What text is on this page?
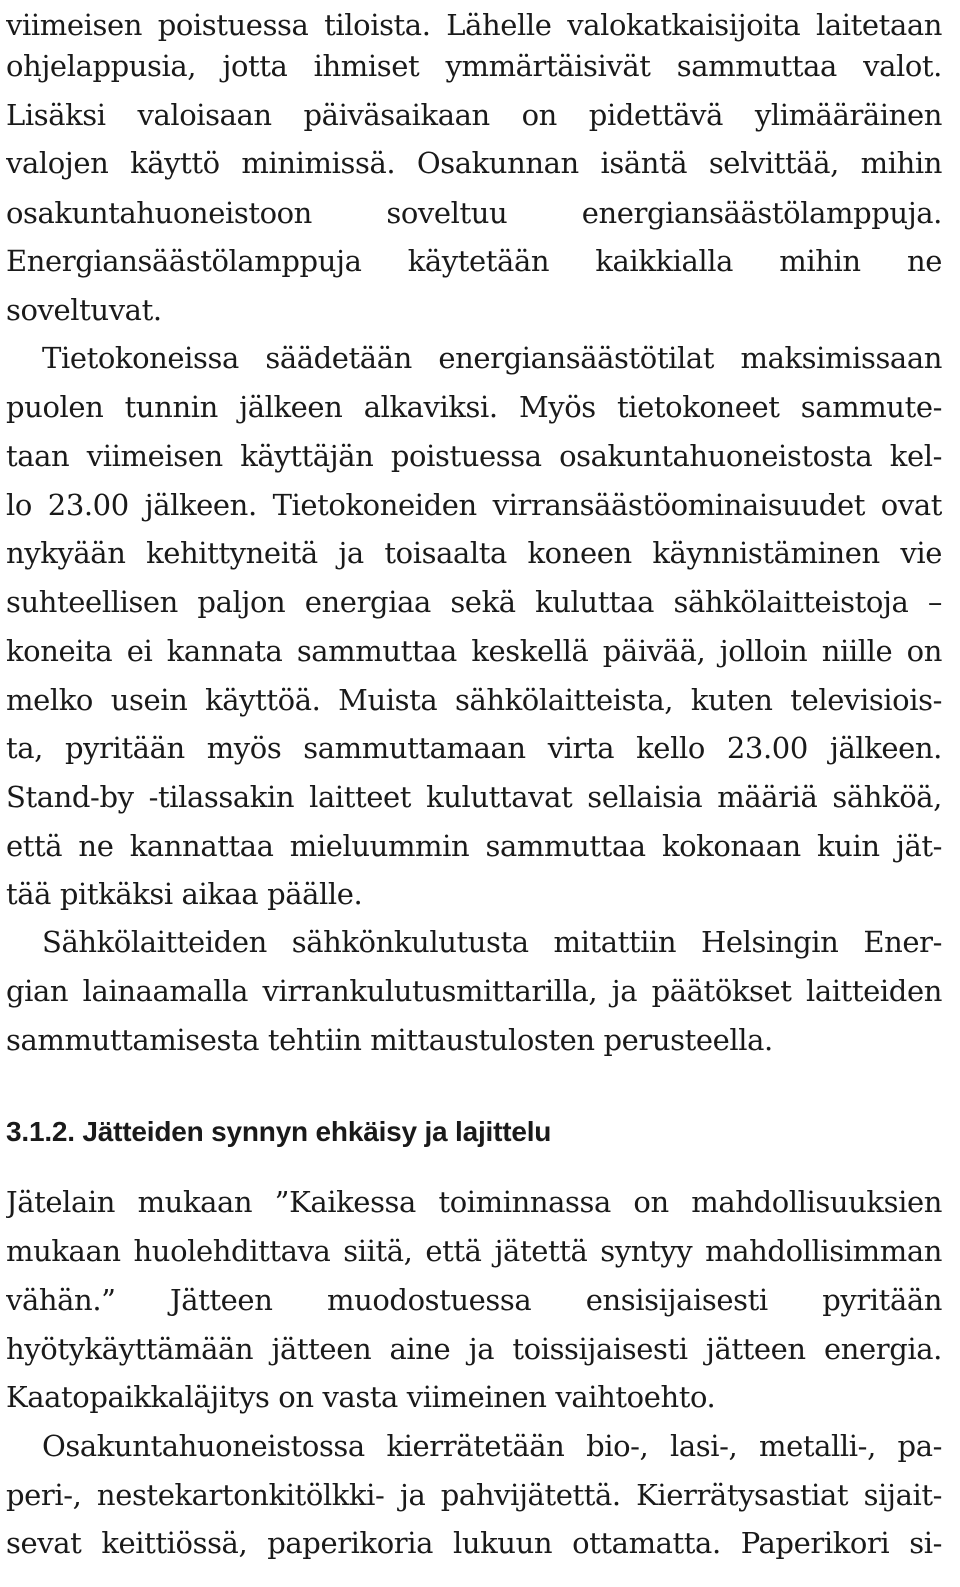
viimeisen poistuessa tiloista. Lähelle valokatkaisijoita laitetaan
ohjelappusia, jotta ihmiset ymmärtäisivät sammuttaa valot.
Lisäksi valoisaan päiväsaikaan on pidettävä ylimääräinen
valojen käyttö minimissä. Osakunnan isäntä selvittää, mihin
osakuntahuoneistoon soveltuu energiansäästölamppuja.
Energiansäästölamppuja käytetään kaikkialla mihin ne
soveltuvat.
Tietokoneissa säädetään energiansäästötilat maksimissaan
puolen tunnin jälkeen alkaviksi. Myös tietokoneet sammute-
taan viimeisen käyttäjän poistuessa osakuntahuoneistosta kel-
lo 23.00 jälkeen. Tietokoneiden virransäästöominaisuudet ovat
nykyään kehittyneitä ja toisaalta koneen käynnistäminen vie
suhteellisen paljon energiaa sekä kuluttaa sähkölaitteistoja –
koneita ei kannata sammuttaa keskellä päivää, jolloin niille on
melko usein käyttöä. Muista sähkölaitteista, kuten televisiois-
ta, pyritään myös sammuttamaan virta kello 23.00 jälkeen.
Stand-by -tilassakin laitteet kuluttavat sellaisia määriä sähköä,
että ne kannattaa mieluummin sammuttaa kokonaan kuin jät-
tää pitkäksi aikaa päälle.
Sähkölaitteiden sähkönkulutusta mitattiin Helsingin Ener-
gian lainaamalla virrankulutusmittarilla, ja päätökset laitteiden
sammuttamisesta tehtiin mittaustulosten perusteella.
3.1.2. Jätteiden synnyn ehkäisy ja lajittelu
Jätelain mukaan ”Kaikessa toiminnassa on mahdollisuuksien
mukaan huolehdittava siitä, että jätettä syntyy mahdollisimman
vähän.” Jätteen muodostuessa ensisijaisesti pyritään
hyötykäyttämään jätteen aine ja toissijaisesti jätteen energia.
Kaatopaikkaläjitys on vasta viimeinen vaihtoehto.
Osakuntahuoneistossa kierrätetään bio-, lasi-, metalli-, pa-
peri-, nestekartonkitölkki- ja pahvijätettä. Kierrätysastiat sijait-
sevat keittiössä, paperikoria lukuun ottamatta. Paperikori si-
